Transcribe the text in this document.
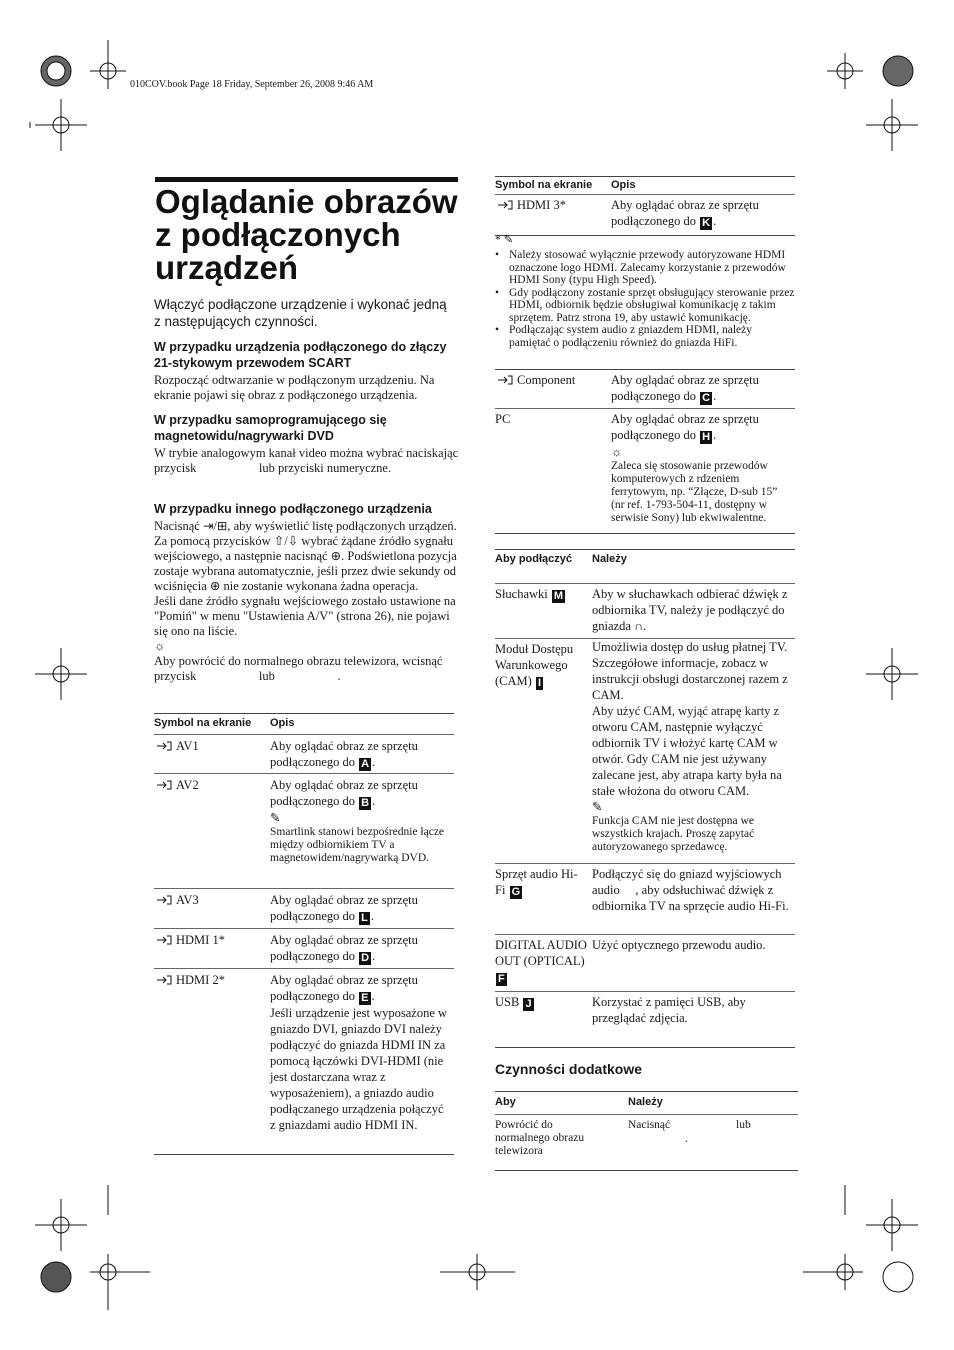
010COV.book Page 18 Friday, September 26, 2008 9:46 AM
Oglądanie obrazów
z podłączonych
urządzeń
Włączyć podłączone urządzenie i wykonać jedną z następujących czynności.
W przypadku urządzenia podłączonego do złączy 21-stykowym przewodem SCART
Rozpocząć odtwarzanie w podłączonym urządzeniu. Na ekranie pojawi się obraz z podłączonego urządzenia.
W przypadku samoprogramującego się magnetowidu/nagrywarki DVD
W trybie analogowym kanał video można wybrać naciskając przycisk                    lub przyciski numeryczne.
W przypadku innego podłączonego urządzenia
Nacisnąć ⇥/⊞, aby wyświetlić listę podłączonych urządzeń. Za pomocą przycisków ⇧/⇩ wybrać żądane źródło sygnału wejściowego, a następnie nacisnąć ⊕. Podświetlona pozycja zostaje wybrana automatycznie, jeśli przez dwie sekundy od wciśnięcia ⊕ nie zostanie wykonana żadna operacja.
Jeśli dane źródło sygnału wejściowego zostało ustawione na "Pomiń" w menu "Ustawienia A/V" (strona 26), nie pojawi się ono na liście.
☼
Aby powrócić do normalnego obrazu telewizora, wcisnąć przycisk                    lub                    .
Symbol na ekranie Opis
AV1	Aby oglądać obraz ze sprzętu podłączonego do A .
AV2	Aby oglądać obraz ze sprzętu podłączonego do B .
✎
Smartlink stanowi bezpośrednie łącze między odbiornikiem TV a magnetowidem/nagrywarką DVD.
AV3	Aby oglądać obraz ze sprzętu podłączonego do L .
HDMI 1*	Aby oglądać obraz ze sprzętu podłączonego do D .
HDMI 2*	Aby oglądać obraz ze sprzętu podłączonego do E .
Jeśli urządzenie jest wyposażone w gniazdo DVI, gniazdo DVI należy podłączyć do gniazda HDMI IN za pomocą łączówki DVI-HDMI (nie jest dostarczana wraz z wyposażeniem), a gniazdo audio podłączanego urządzenia połączyć z gniazdami audio HDMI IN.
Symbol na ekranie Opis
HDMI 3*	Aby oglądać obraz ze sprzętu podłączonego do K .
* ✎
• Należy stosować wyłącznie przewody autoryzowane HDMI oznaczone logo HDMI. Zalecamy korzystanie z przewodów HDMI Sony (typu High Speed).
• Gdy podłączony zostanie sprzęt obsługujący sterowanie przez HDMI, odbiornik będzie obsługiwał komunikację z takim sprzętem. Patrz strona 19, aby ustawić komunikację.
• Podłączając system audio z gniazdem HDMI, należy pamiętać o podłączeniu również do gniazda HiFi.
Component	Aby oglądać obraz ze sprzętu podłączonego do C .
PC	Aby oglądać obraz ze sprzętu podłączonego do H .
☼
Zaleca się stosowanie przewodów komputerowych z rdzeniem ferrytowym, np. “Złącze, D-sub 15” (nr ref. 1-793-504-11, dostępny w serwisie Sony) lub ekwiwalentne.
Aby podłączyć Należy
Słuchawki M Aby w słuchawkach odbierać dźwięk z odbiornika TV, należy je podłączyć do gniazda ∩.
Moduł Dostępu Warunkowego (CAM) I
Umożliwia dostęp do usług płatnej TV. Szczegółowe informacje, zobacz w instrukcji obsługi dostarczonej razem z CAM.
Aby użyć CAM, wyjąć atrapę karty z otworu CAM, następnie wyłączyć odbiornik TV i włożyć kartę CAM w otwór. Gdy CAM nie jest używany zalecane jest, aby atrapa karty była na stałe włożona do otworu CAM.
✎
Funkcja CAM nie jest dostępna we wszystkich krajach. Proszę zapytać autoryzowanego sprzedawcę.
Sprzęt audio Hi-Fi G
Podłączyć się do gniazd wyjściowych audio     , aby odsłuchiwać dźwięk z odbiornika TV na sprzęcie audio Hi-Fi.
DIGITAL AUDIO OUT (OPTICAL) F
Użyć optycznego przewodu audio.
USB J	Korzystać z pamięci USB, aby przeglądać zdjęcia.
Czynności dodatkowe
Aby	Należy
Powrócić do normalnego obrazu telewizora
Nacisnąć	lub
.
